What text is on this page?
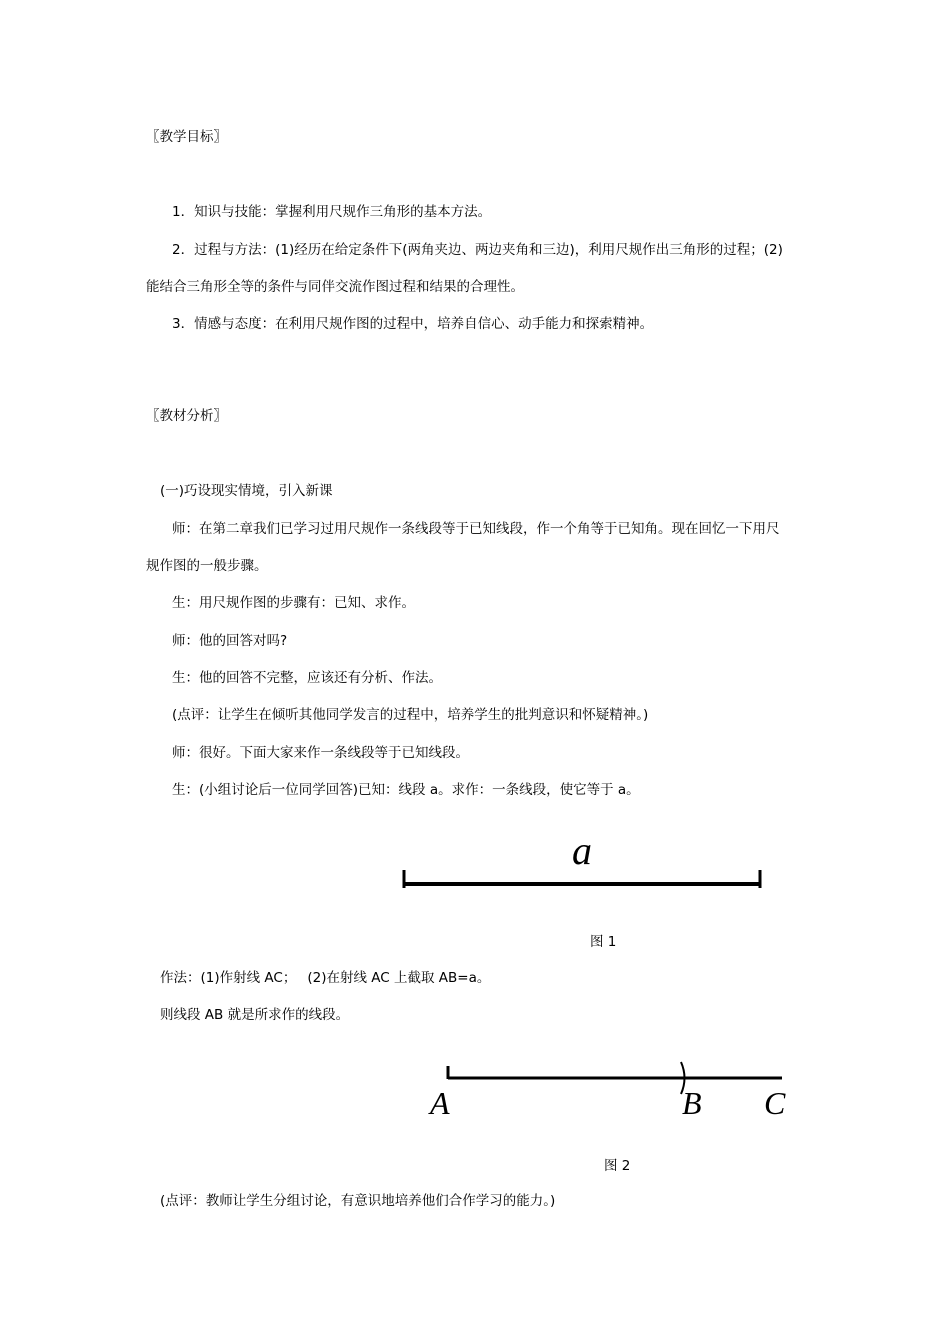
〖教学目标〗
1．知识与技能：掌握利用尺规作三角形的基本方法。
2．过程与方法：(1)经历在给定条件下(两角夹边、两边夹角和三边)，利用尺规作出三角形的过程；(2)
能结合三角形全等的条件与同伴交流作图过程和结果的合理性。
3．情感与态度：在利用尺规作图的过程中，培养自信心、动手能力和探索精神。
〖教材分析〗
(一)巧设现实情境，引入新课
师：在第二章我们已学习过用尺规作一条线段等于已知线段，作一个角等于已知角。现在回忆一下用尺
规作图的一般步骤。
生：用尺规作图的步骤有：已知、求作。
师：他的回答对吗?
生：他的回答不完整，应该还有分析、作法。
(点评：让学生在倾听其他同学发言的过程中，培养学生的批判意识和怀疑精神。)
师：很好。下面大家来作一条线段等于已知线段。
生：(小组讨论后一位同学回答)已知：线段 a。求作：一条线段，使它等于 a。
a
图 1
作法：(1)作射线 AC；　 (2)在射线 AC 上截取 AB=a。
则线段 AB 就是所求作的线段。
A	B C
图 2
(点评：教师让学生分组讨论，有意识地培养他们合作学习的能力。)
